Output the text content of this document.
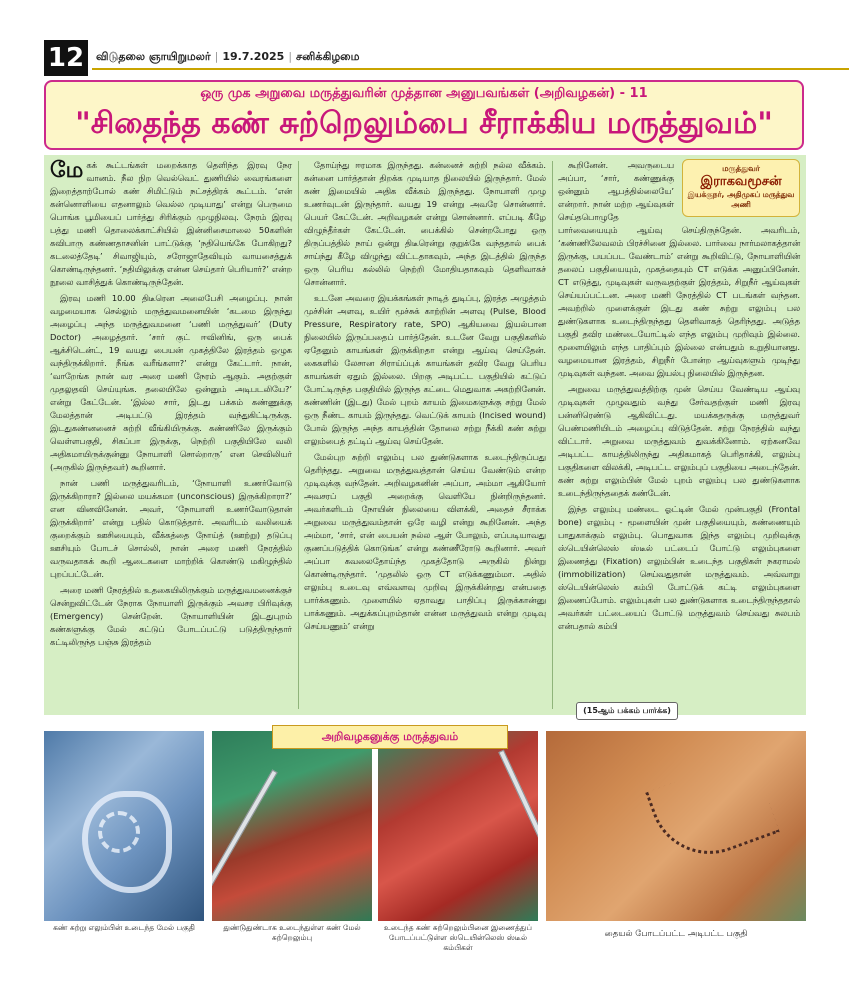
12	விடுதலை ஞாயிறுமலர் | 19.7.2025 | சனிக்கிழமை
ஒரு முக அறுவை மருத்துவரின் முத்தான அனுபவங்கள் (அறிவழகன்) - 11
"சிதைந்த கண் சுற்றெலும்பை சீராக்கிய மருத்துவம்"

மேகக் கூட்டங்கள் மறைக்காத தெளிந்த இரவு நேர வானம். நீல நிற வெல்வெட் துணியில் வைரங்களை இறைத்தாற்போல் கண் சிமிட்டும் நட்சத்திரக் கூட்டம். ‘என் கன்னொளியை எதனாலும் வெல்ல முடியாது’ என்று பெருமை பொங்க பூமியைப் பார்த்து சிரிக்கும் முழுநிலவு. நேரம் இரவு பத்து மணி தொலைக்காட்சியில் இன்னிசைமாலை 50களின் கவிபாரு கண்ணதாசனின் பாட்டுக்கு ‘நதியெங்கே போகிறது? கடலைத்தேடி’ சிவாஜியும், சரோஜாதேவியும் வாயசைத்துக் கொண்டிருந்தனர். ‘நதியிலுக்கு என்ன செய்தார் பெரியார்?’ என்ற நூலை வாசித்துக் கொண்டிருந்தேன்.

இரவு மணி 10.00 திடீரென அலைபேசி அழைப்பு. நான் வழமையாக செல்லும் மருத்துவமனையின் ‘கடமை இருந்து அழைப்பு அந்த மருத்துவமனை ‘பணி மருத்துவர்’ (Duty Doctor) அழைத்தார். ‘சார் குட் ஈவினிங், ஒரு பைக் ஆக்சிடென்ட், 19 வயது பையன் முகத்திலே இரத்தம் ஒழுக வந்திருக்கிறார். நீங்க வரீங்களா?’ என்று கேட்டார். நான், ‘வாறேங்க நான் வர அரை மணி நேரம் ஆகும். அதற்குள் முதலுதவி செய்யுங்க. தலையிலே ஒன்னும் அடிபடலியே?’ என்று கேட்டேன். ‘இல்ல சார், இடது பக்கம் கண்ணுக்கு மேலத்தான் அடிபட்டு இரத்தம் வந்துகிட்டிருக்கு. இடதுகண்னனைச் சுற்றி வீங்கியிருக்கு. கண்ணிலே இருக்கும் வெள்ளபகுதி, சிகப்பா இருக்கு, நெற்றி பகுதியிலே வலி அதிகமாயிருக்குன்னு நோயாளி சொல்றாரு’ என செவிலியர் (அருகில் இருந்தவர்) கூறினார்.

நான் பணி மருத்துவரிடம், ‘நோயாளி உணர்வோடு இருக்கிறாரா? இல்லை மயக்கமா (unconscious) இருக்கிறாரா?’ என வினவினேன். அவர், ‘நோயாளி உணர்வோடுதான் இருக்கிறார்’ என்று பதில் கொடுத்தார். அவரிடம் வலியைக் குறைக்கும் ஊசியையும், வீக்கத்தை நோய்த் (ஊற்று) தடுப்பு ஊசியும் போடச் சொல்லி, நான் அரை மணி நேரத்தில் வருவதாகக் கூறி ஆடைகளை மாற்றிக் கொண்டு மகிழுந்தில் புறப்பட்டேன்.

அரை மணி நேரத்தில் உதகையிலிருக்கும் மருத்துவமனைக்குச் சென்றுவிட்டேன் நேராக நோயாளி இருக்கும் அவசர பிரிவுக்கு (Emergency) சென்றேன். நோயாளியின் இடதுபுறம் கண்களுக்கு மேல் கட்டுப் போடப்பட்டு படுத்திருந்தார் கட்டிலிருந்த பஞ்சு இரத்தம்

தோய்ந்து ஈரமாக இருந்தது. கன்னைச் சுற்றி நல்ல வீக்கம். கன்னை பார்த்தான் திறக்க முடியாத நிலையில் இருந்தார். மேல் கண் இமையில் அதிக வீக்கம் இருந்தது. நோயாளி முழு உணர்வுடன் இருந்தார். வயது 19 என்று அவரே சொன்னார். பெயர் கேட்டேன். அறிவழகன் என்று சொன்னார். எப்படி கீழே விழுந்தீர்கள் கேட்டேன். பைக்கில் சென்றபோது ஒரு திருப்பத்தில் நாய் ஒன்று திடீரென்று குறுக்கே வந்ததால் பைக் சாய்ந்து கீழே விழுந்து விட்டதாகவும், அந்த இடத்தில் இருந்த ஒரு பெரிய கல்லில் நெற்றி மோதியதாகவும் தெளிவாகச் சொன்னார்.

உடனே அவரை இயக்கங்கள் நாடித் துடிப்பு, இரத்த அழுத்தம் முச்சின் அளவு, உயிர் மூச்சுக் காற்றின் அளவு (Pulse, Blood Pressure, Respiratory rate, SPO) ஆகியவை இயல்பான நிலையில் இருப்பதைப் பார்த்தேன். உடனே வேறு பகுதிகளில் ஏதேனும் காயங்கள் இருக்கிறதா என்று ஆய்வு செய்தேன். கைகளில் லேசான சிராய்ப்புக் காயங்கள் தவிர வேறு பெரிய காயங்கள் ஏதும் இல்லை. பிறகு அடிபட்ட பகுதியில் கட்டுப் போட்டிருந்த பகுதியில் இருந்த கட்டை மெதுவாக அகற்றினேன். கண்ணின் (இடது) மேல் புறம் காயம் இமைகளுக்கு சற்று மேல் ஒரு நீண்ட காயம் இருந்தது. வெட்டுக் காயம் (Incised wound) போல் இருந்த அந்த காயத்தின் தோலை சற்று நீக்கி கண் சுற்று எலும்பைத் தட்டிப் ஆய்வு செய்தேன்.

மேல்புற சுற்றி எலும்பு பல துண்டுகளாக உடைந்திருப்பது தெரிந்தது. அறுவை மருத்துவத்தான் செய்ய வேண்டும் என்ற முடிவுக்கு வந்தேன். அறிவழகனின் அப்பா, அம்மா ஆகியோர் அவசரப் பகுதி அறைக்கு வெளியே நின்றிருந்தனர். அவர்களிடம் நோயின் நிலையை விளக்கி, அதைச் சீராக்க அறுவை மருத்துவம்தான் ஒரே வழி என்று கூறினேன். அந்த அம்மா, ‘சார், என் பையன் நல்ல ஆள் போலும், எப்படியாவது குணப்படுத்திக் கொடுங்க’ என்று கண்ணீரோடு கூறினார். அவர் அப்பா கவலைதோய்ந்த முகத்தோடு அருகில் நின்று கொண்டிருந்தார். ‘முதலில் ஒரு CT எடுக்கணும்மா. அதில் எலும்பு உடைவு எவ்வளவு முறிவு இருக்கின்றது என்பதை பார்க்கணும். முளையில் ஏதாவது பாதிப்பு இருக்கான்னு பாக்கணும். அதுக்கப்புறம்தான் என்ன மருத்துவம் என்று முடிவு செய்யணும்’ என்று

மருத்துவர்
இராகவமூசன்
இயக்குநர், அதிமுகப் மருத்துவ அணி

கூறினேன். அவருடைய அப்பா, ‘சார், கண்ணுக்கு ஒன்னும் ஆபத்தில்லையே’ என்றார். நான் மற்ற ஆய்வுகள் செய்தபொழுதே பார்வையையும் ஆய்வு செய்திருந்தேன். அவரிடம், ‘கண்ணிலேவலம் பிரச்சினை இல்லை. பார்வை நார்மலாகத்தான் இருக்கு, பயப்பட வேண்டாம்’ என்று கூறிவிட்டு, நோயாளியின் தலைப் பகுதியையும், முகத்தையும் CT எடுக்க அனுப்பினேன். CT எடுத்து, முடிவுகள் வருவதற்குள் இரத்தம், சிறுநீர் ஆய்வுகள் செய்யப்பட்டன. அரை மணி நேரத்தில் CT படங்கள் வந்தன. அவற்றில் முளைக்குள் இடது கண் சுற்று எலும்பு பல துண்டுகளாக உடைந்திருந்தது தெளிவாகத் தெரிந்தது. அடுத்த பகுதி தவிர மண்டையோட்டில் எந்த எலும்பு முறிவும் இல்லை. மூளையிலும் எந்த பாதிப்பும் இல்லை என்பதும் உறுதியானது. வழமையான இரத்தம், சிறுநீர் போன்ற ஆய்வுகளும் முடிந்து முடிவுகள் வந்தன. அவை இயல்பு நிலையில் இருந்தன.

அறுவை மருத்துவத்திற்கு முன் செய்ய வேண்டிய ஆய்வு முடிவுகள் முழுவதும் வந்து சேர்வதற்குள் மணி இரவு பன்னிரெண்டு ஆகிவிட்டது. மயக்கதருக்கு மருத்துவர் பெண்மணியிடம் அழைப்பு விடுத்தேன். சற்று நேரத்தில் வந்து விட்டார். அறுவை மருத்துவம் துவக்கினோம். ஏற்கனவே அடிபட்ட காயத்திலிருந்து அதிகமாகத் பெரிதாக்கி, எலும்பு பகுதிகளை விலக்கி, அடிபட்ட எலும்புப் பகுதியை அடைந்தேன். கண் சுற்று எலும்பின் மேல் புறம் எலும்பு பல துண்டுகளாக உடைந்திருந்ததைக் கண்டேன்.

இந்த எலும்பு மண்டை ஓட்டின் மேல் முன்பகுதி (Frontal bone) எலும்பு - மூளையின் முன் பகுதியையும், கண்ணையும் பாதுகாக்கும் எலும்பு. பொதுவாக இந்த எலும்பு முறிவுக்கு ஸ்டெயின்லெஸ் ஸ்டீல் பட்டைப் போட்டு எலும்புகளை இணைத்து (Fixation) எலும்பின் உடைந்த பகுதிகள் நகராமல் (immobilization) செய்வதுதான் மருத்துவம். அவ்வாறு ஸ்டெயின்லெஸ் கம்பி போட்டுக் கட்டி எலும்புகளை இணைப்போம். எலும்புகள் பல துண்டுகளாக உடைந்திருந்ததால் அவர்கள் பட்டையைப் போட்டு மருத்துவம் செய்வது சுலபம் என்பதால் கம்பி

(15ஆம் பக்கம் பார்க்க)
அறிவழகனுக்கு மருத்துவம்
கண் சுற்று எலும்பின் உடைந்த மேல் பகுதி	துண்டுதுண்டாக உடைந்துள்ள கண் மேல் சுற்றெலும்பு
உடைந்த கண் சுற்றெலும்பினை இணைத்துப் போடப்பட்டுள்ள ஸ்டெயின்லெஸ் ஸ்டீல் கம்பிகள்
தையல் போடப்பட்ட அடிபட்ட பகுதி
